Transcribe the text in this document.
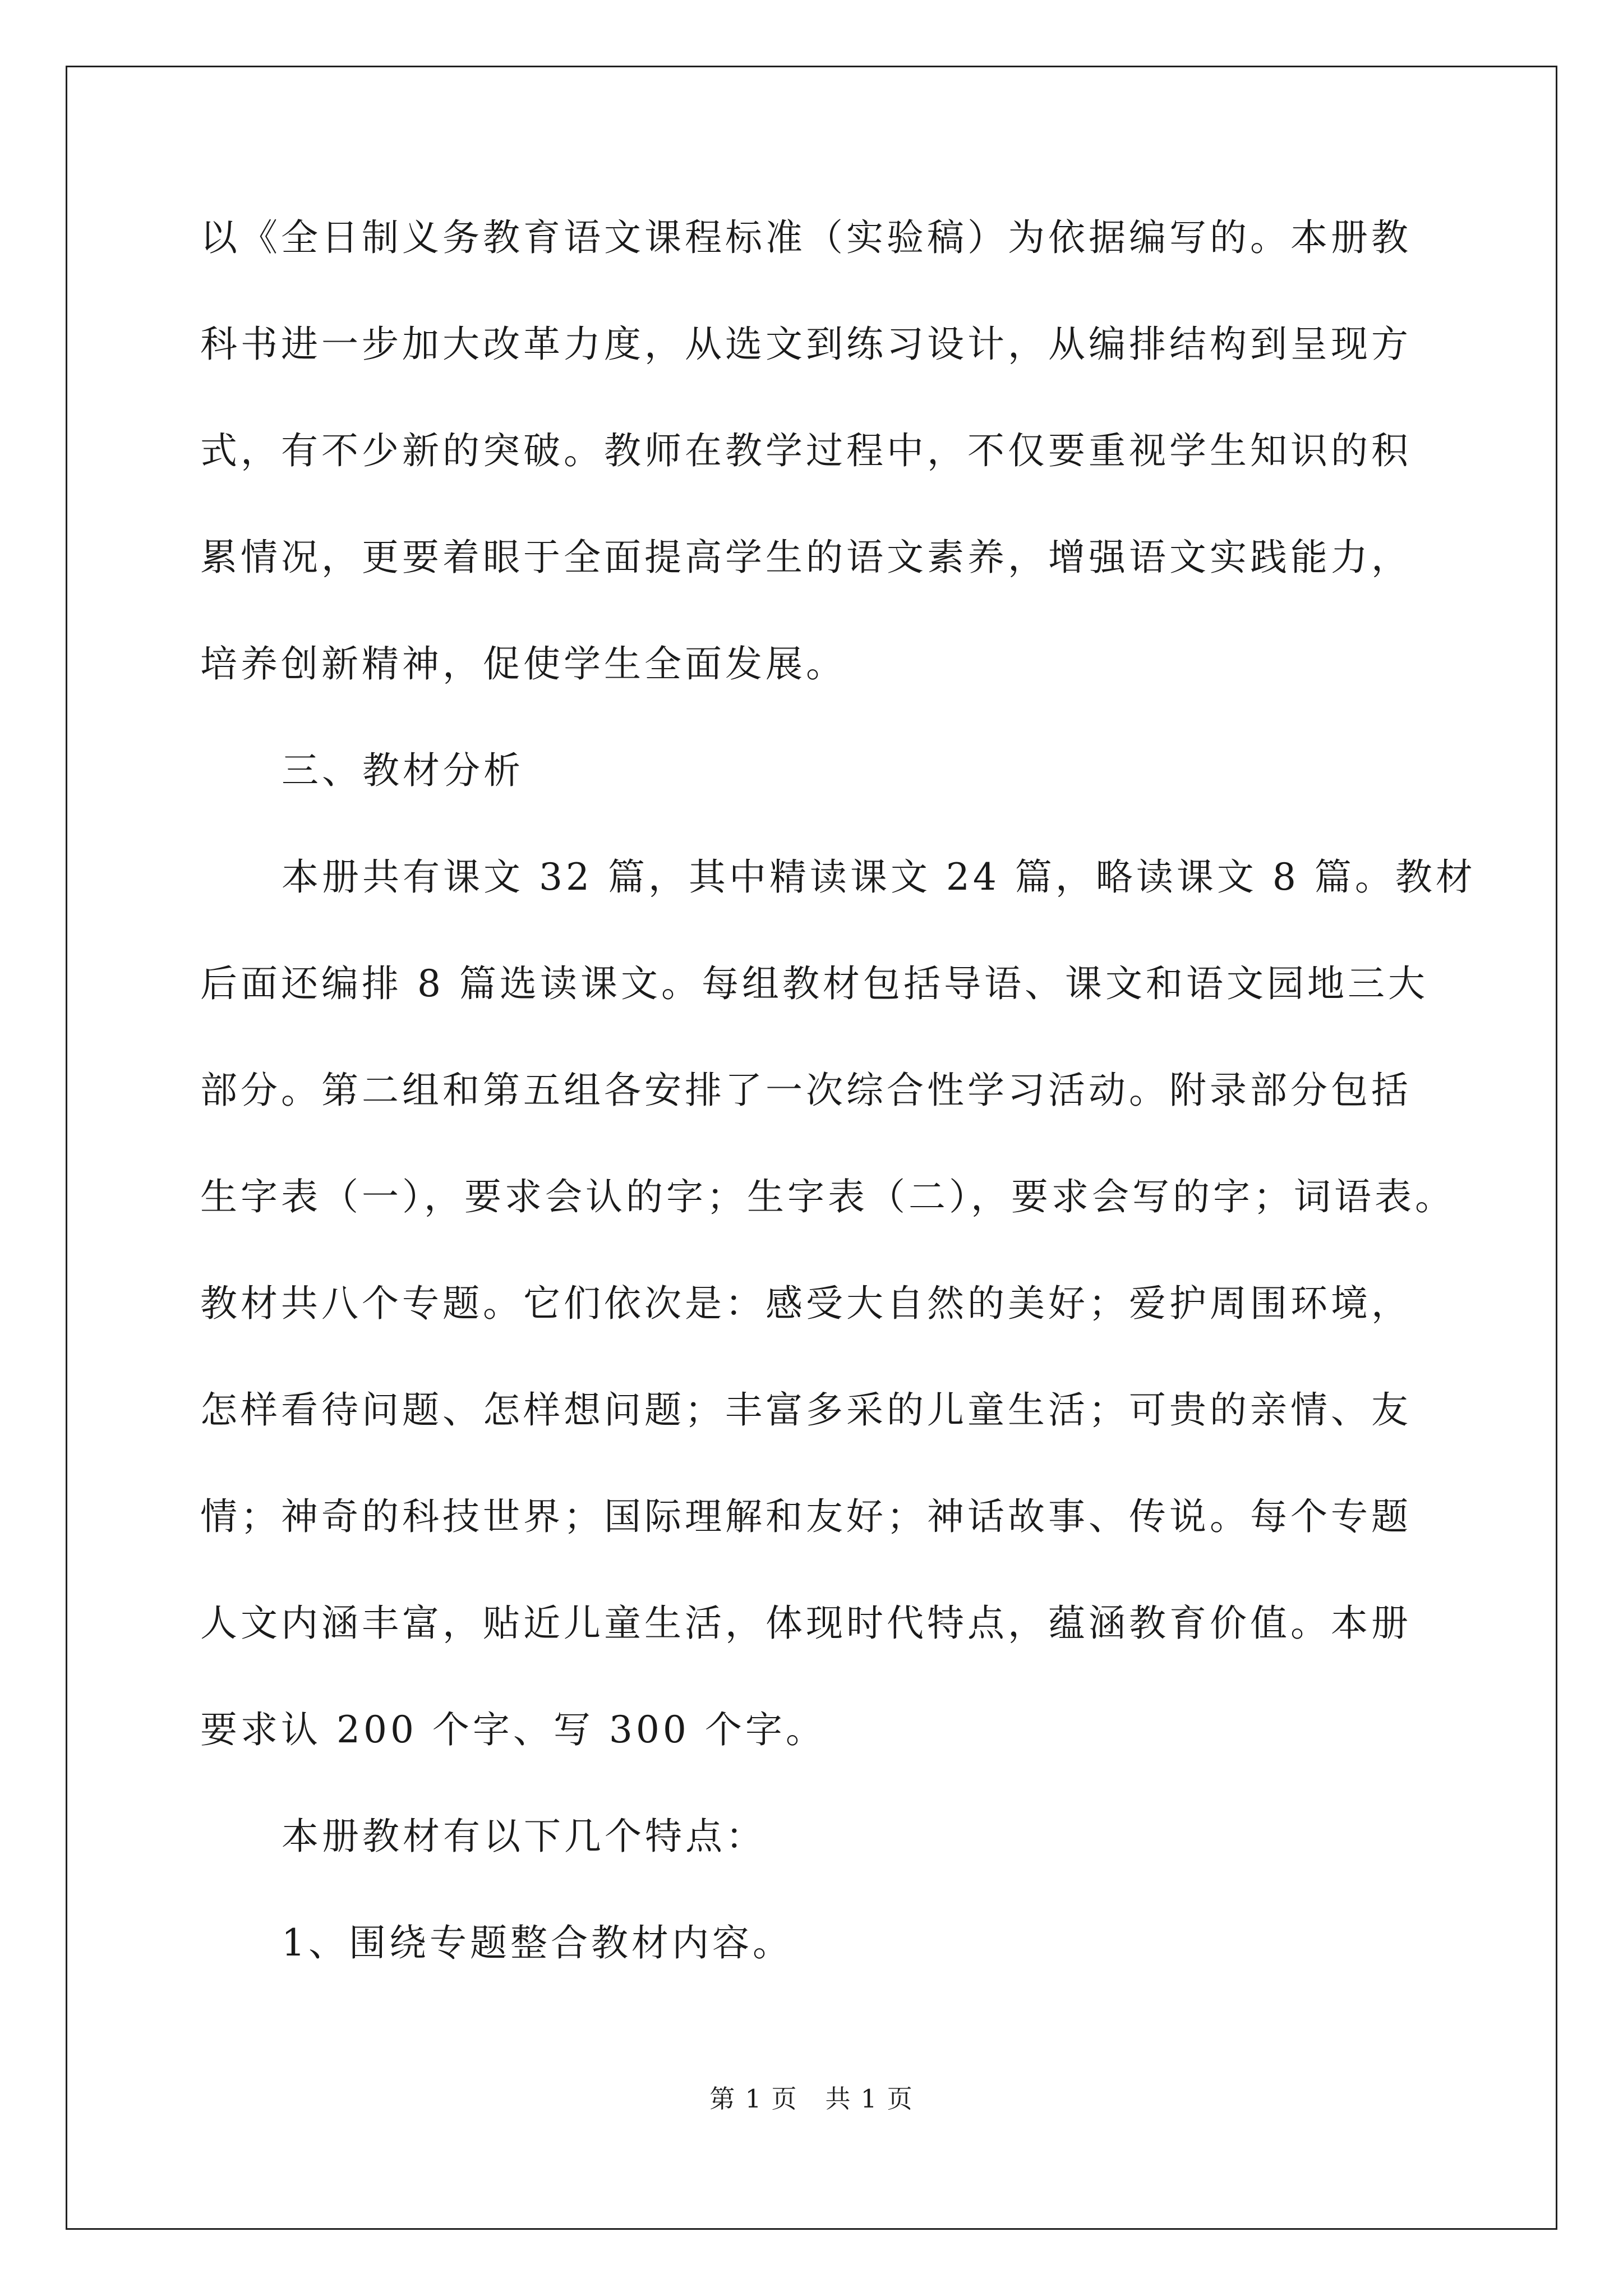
以《全日制义务教育语文课程标准（实验稿）为依据编写的。本册教
科书进一步加大改革力度，从选文到练习设计，从编排结构到呈现方
式，有不少新的突破。教师在教学过程中，不仅要重视学生知识的积
累情况，更要着眼于全面提高学生的语文素养，增强语文实践能力，
培养创新精神，促使学生全面发展。
三、教材分析
本册共有课文 32 篇，其中精读课文 24 篇，略读课文 8 篇。教材
后面还编排 8 篇选读课文。每组教材包括导语、课文和语文园地三大
部分。第二组和第五组各安排了一次综合性学习活动。附录部分包括
生字表（一），要求会认的字；生字表（二），要求会写的字；词语表。
教材共八个专题。它们依次是：感受大自然的美好；爱护周围环境，
怎样看待问题、怎样想问题；丰富多采的儿童生活；可贵的亲情、友
情；神奇的科技世界；国际理解和友好；神话故事、传说。每个专题
人文内涵丰富，贴近儿童生活，体现时代特点，蕴涵教育价值。本册
要求认 200 个字、写 300 个字。
本册教材有以下几个特点：
1、围绕专题整合教材内容。
第 1 页 共 1 页
